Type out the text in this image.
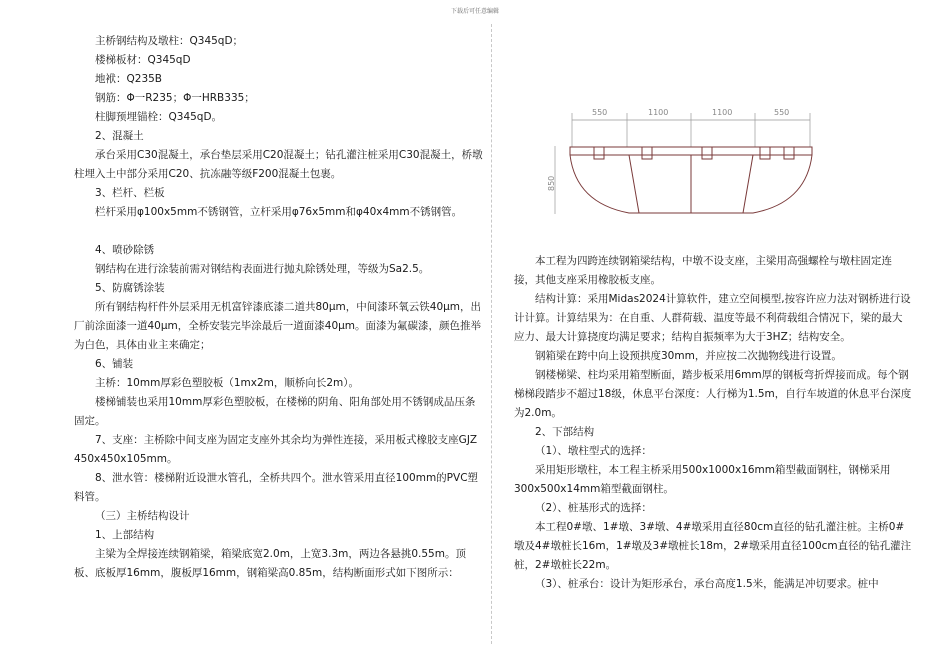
下载后可任意编辑
主桥钢结构及墩柱：Q345qD；
楼梯板材：Q345qD
地袱：Q235B
钢筋：Φ一R235；Φ一HRB335；
柱脚预埋锚栓：Q345qD。
2、混凝土
承台采用C30混凝土，承台垫层采用C20混凝土；钻孔灌注桩采用C30混凝土，桥墩柱埋入土中部分采用C20、抗冻融等级F200混凝土包裹。
3、栏杆、栏板
栏杆采用φ100x5mm不锈钢管，立杆采用φ76x5mm和φ40x4mm不锈钢管。
4、喷砂除锈
钢结构在进行涂装前需对钢结构表面进行抛丸除锈处理，等级为Sa2.5。
5、防腐锈涂装
所有钢结构杆件外层采用无机富锌漆底漆二道共80μm，中间漆环氧云铁40μm，出厂前涂面漆一道40μm，全桥安装完毕涂最后一道面漆40μm。面漆为氟碳漆，颜色推举为白色，具体由业主来确定；
6、铺装
主桥：10mm厚彩色塑胶板（1mx2m，顺桥向长2m）。
楼梯铺装也采用10mm厚彩色塑胶板，在楼梯的阴角、阳角部处用不锈钢成品压条固定。
7、支座：主桥除中间支座为固定支座外其余均为弹性连接，采用板式橡胶支座GJZ 450x450x105mm。
8、泄水管：楼梯附近设泄水管孔，全桥共四个。泄水管采用直径100mm的PVC塑料管。
（三）主桥结构设计
1、上部结构
主梁为全焊接连续钢箱梁，箱梁底宽2.0m，上宽3.3m，两边各悬挑0.55m。顶板、底板厚16mm，腹板厚16mm，钢箱梁高0.85m，结构断面形式如下图所示：
550	1100	1100	550
850
本工程为四跨连续钢箱梁结构，中墩不设支座，主梁用高强螺栓与墩柱固定连接，其他支座采用橡胶板支座。
结构计算：采用Midas2024计算软件，建立空间模型,按容许应力法对钢桥进行设计计算。计算结果为：在自重、人群荷载、温度等最不利荷载组合情况下，梁的最大应力、最大计算挠度均满足要求；结构自振频率为大于3HZ；结构安全。
钢箱梁在跨中向上设预拱度30mm，并应按二次抛物线进行设置。
钢楼梯梁、柱均采用箱型断面，踏步板采用6mm厚的钢板弯折焊接而成。每个钢梯梯段踏步不超过18级，休息平台深度：人行梯为1.5m，自行车坡道的休息平台深度为2.0m。
2、下部结构
（1）、墩柱型式的选择：
采用矩形墩柱，本工程主桥采用500x1000x16mm箱型截面钢柱，钢梯采用300x500x14mm箱型截面钢柱。
（2）、桩基形式的选择：
本工程0#墩、1#墩、3#墩、4#墩采用直径80cm直径的钻孔灌注桩。主桥0#墩及4#墩桩长16m，1#墩及3#墩桩长18m，2#墩采用直径100cm直径的钻孔灌注桩，2#墩桩长22m。
（3）、桩承台：设计为矩形承台，承台高度1.5米，能满足冲切要求。桩中
